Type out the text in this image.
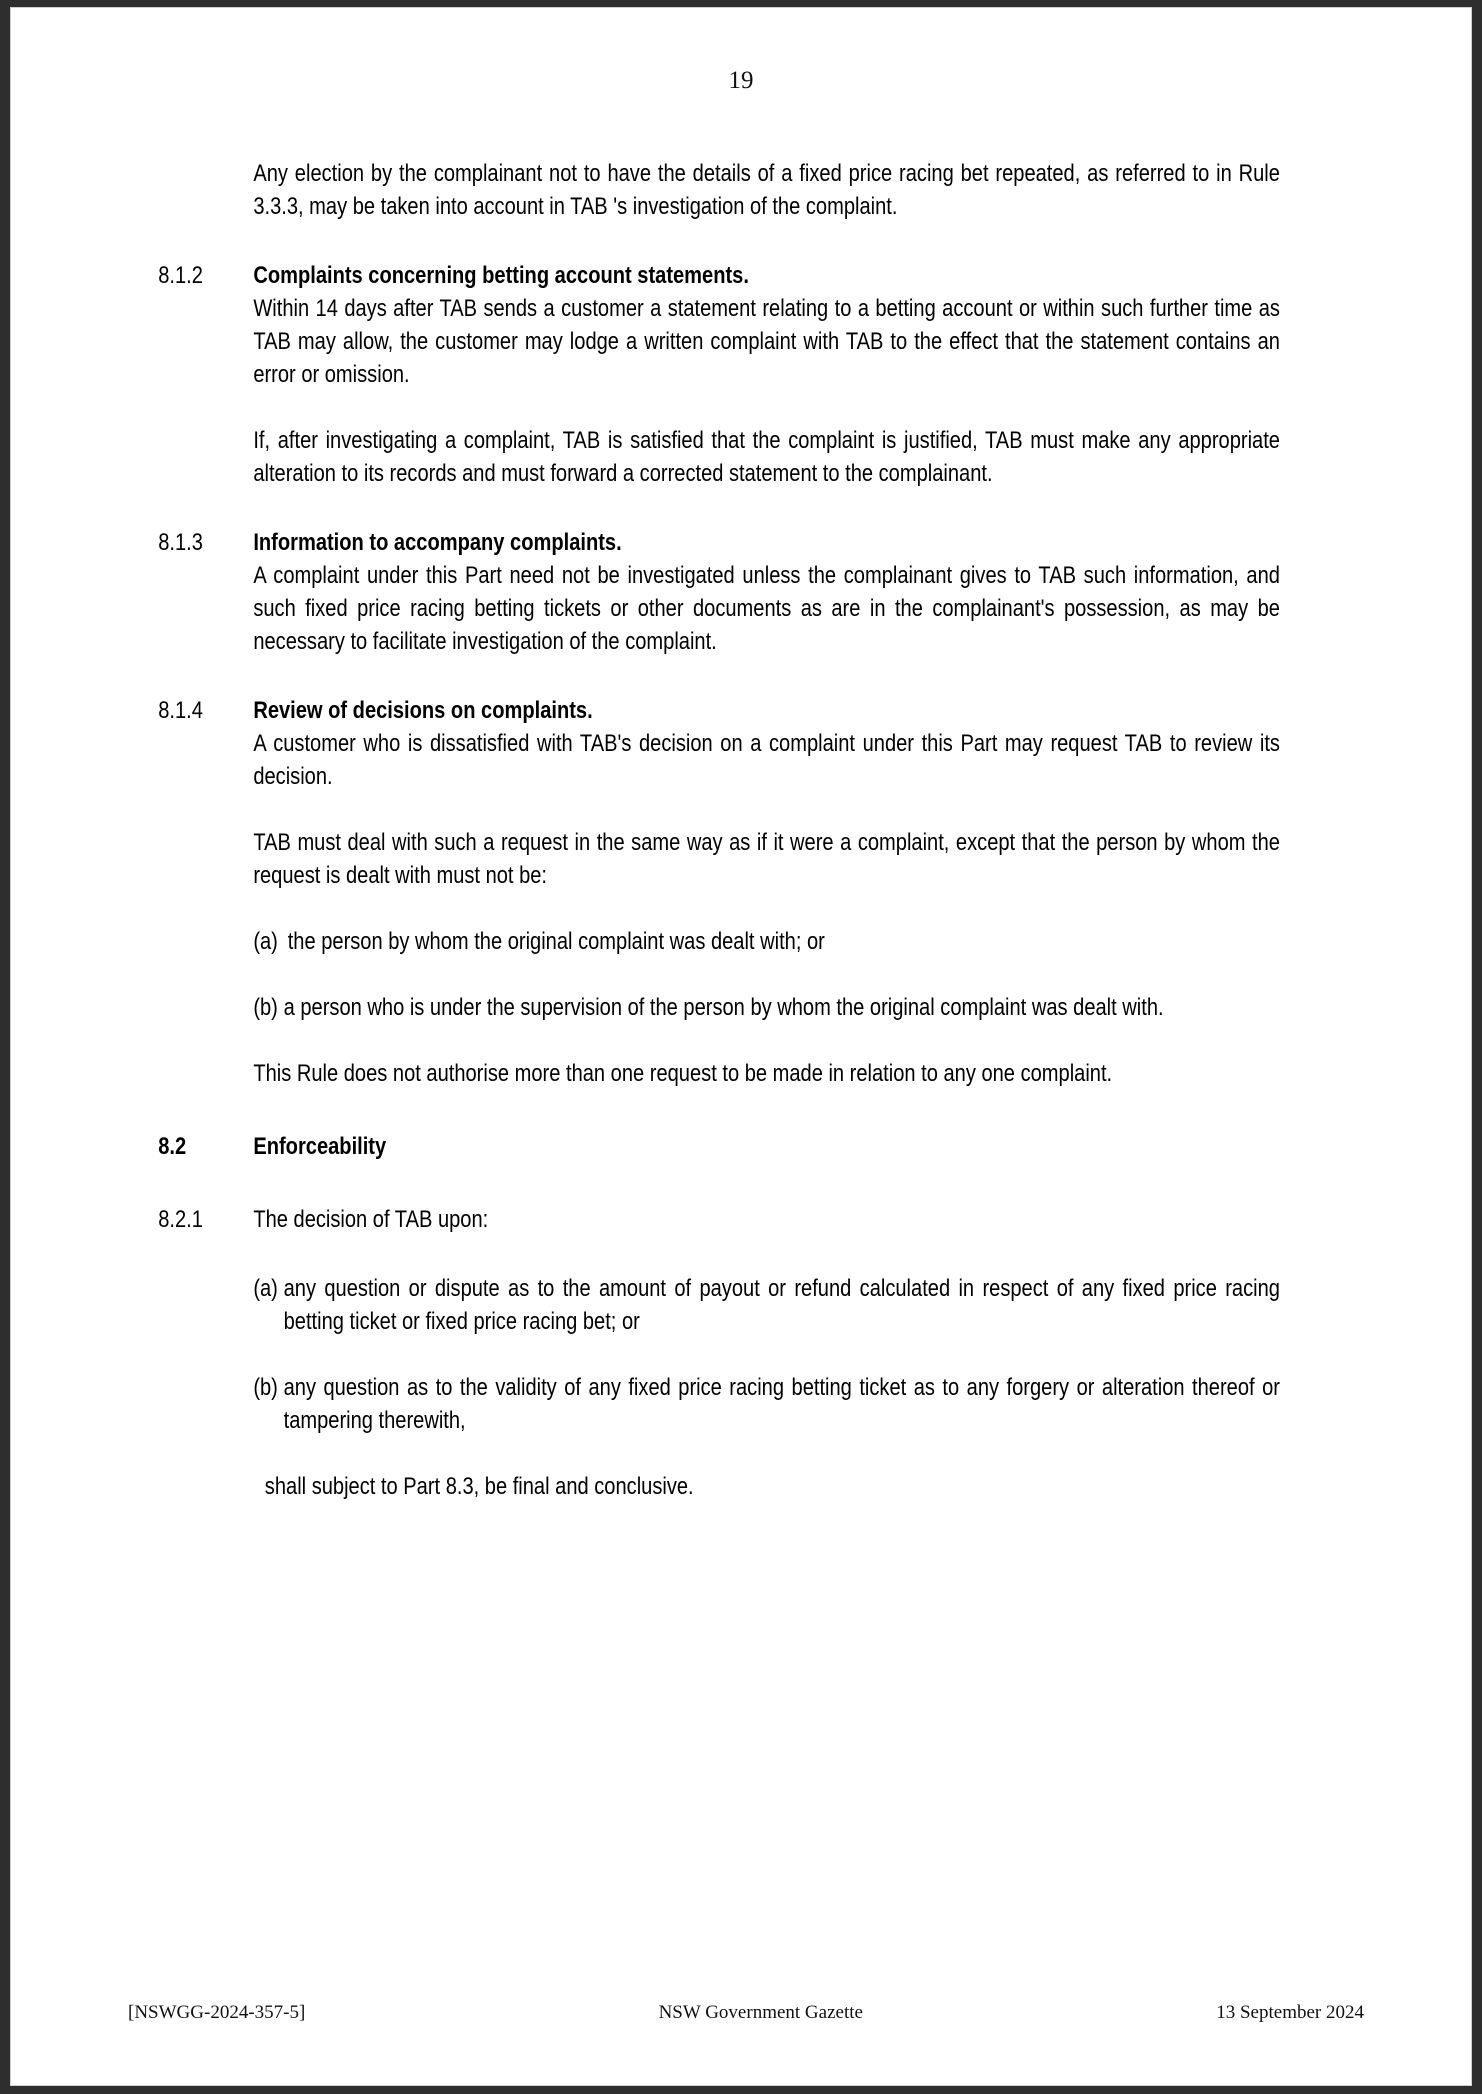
19

Any election by the complainant not to have the details of a fixed price racing bet repeated, as referred to in Rule 3.3.3, may be taken into account in TAB 's investigation of the complaint.

8.1.2	Complaints concerning betting account statements.

Within 14 days after TAB sends a customer a statement relating to a betting account or within such further time as TAB may allow, the customer may lodge a written complaint with TAB to the effect that the statement contains an error or omission.

If, after investigating a complaint, TAB is satisfied that the complaint is justified, TAB must make any appropriate alteration to its records and must forward a corrected statement to the complainant.

8.1.3	Information to accompany complaints.

A complaint under this Part need not be investigated unless the complainant gives to TAB such information, and such fixed price racing betting tickets or other documents as are in the complainant's possession, as may be necessary to facilitate investigation of the complaint.

8.1.4	Review of decisions on complaints.

A customer who is dissatisfied with TAB's decision on a complaint under this Part may request TAB to review its decision.

TAB must deal with such a request in the same way as if it were a complaint, except that the person by whom the request is dealt with must not be:

(a) the person by whom the original complaint was dealt with; or
(b) a person who is under the supervision of the person by whom the original complaint was dealt with.

This Rule does not authorise more than one request to be made in relation to any one complaint.

8.2	Enforceability

8.2.1	The decision of TAB upon:

(a) any question or dispute as to the amount of payout or refund calculated in respect of any fixed price racing betting ticket or fixed price racing bet; or
(b) any question as to the validity of any fixed price racing betting ticket as to any forgery or alteration thereof or tampering therewith,

shall subject to Part 8.3, be final and conclusive.

[NSWGG-2024-357-5]	NSW Government Gazette	13 September 2024
